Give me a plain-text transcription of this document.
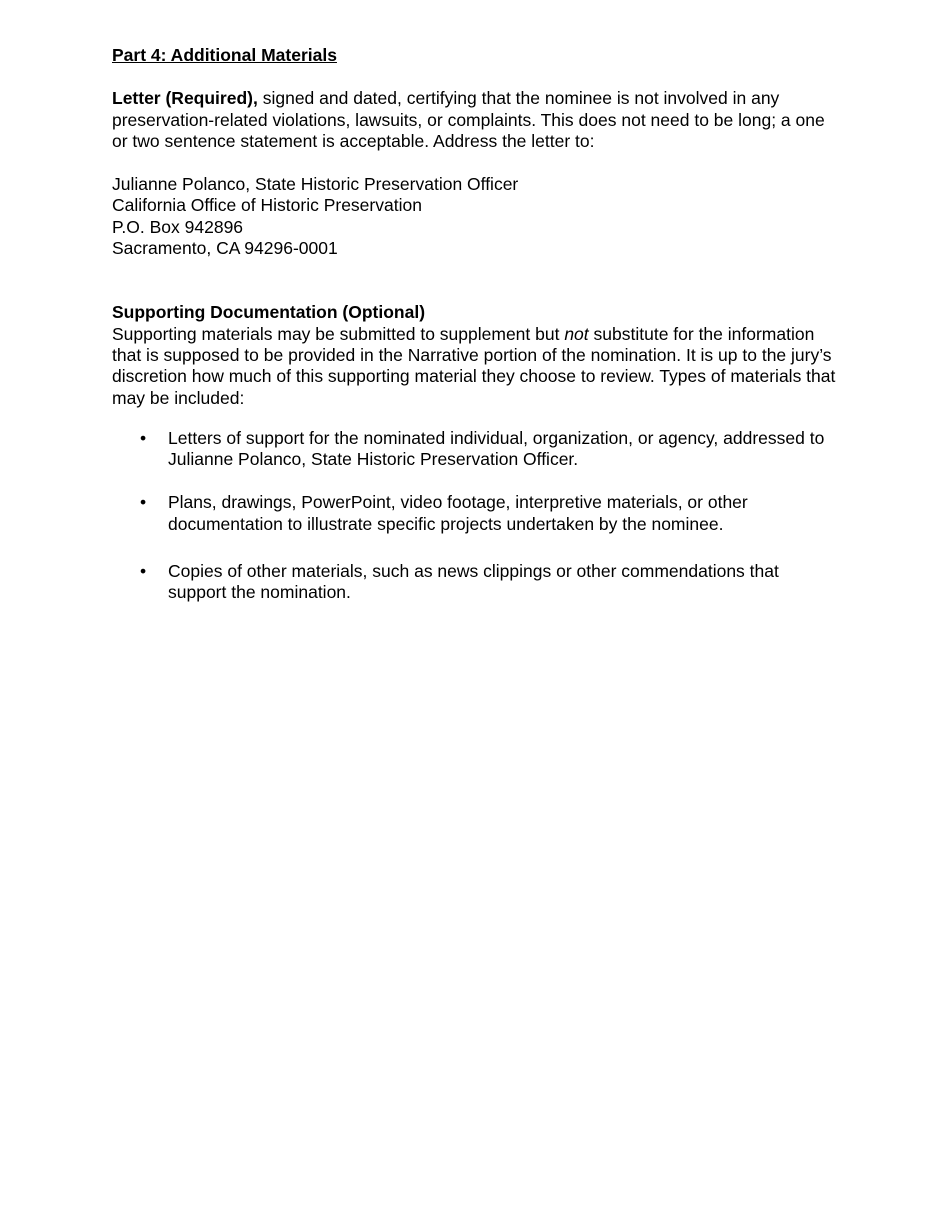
Part 4: Additional Materials

Letter (Required), signed and dated, certifying that the nominee is not involved in any preservation-related violations, lawsuits, or complaints. This does not need to be long; a one or two sentence statement is acceptable. Address the letter to:

Julianne Polanco, State Historic Preservation Officer
California Office of Historic Preservation
P.O. Box 942896
Sacramento, CA 94296-0001

Supporting Documentation (Optional)

Supporting materials may be submitted to supplement but not substitute for the information that is supposed to be provided in the Narrative portion of the nomination. It is up to the jury’s discretion how much of this supporting material they choose to review. Types of materials that may be included:

• Letters of support for the nominated individual, organization, or agency, addressed to Julianne Polanco, State Historic Preservation Officer.
• Plans, drawings, PowerPoint, video footage, interpretive materials, or other documentation to illustrate specific projects undertaken by the nominee.
• Copies of other materials, such as news clippings or other commendations that support the nomination.
